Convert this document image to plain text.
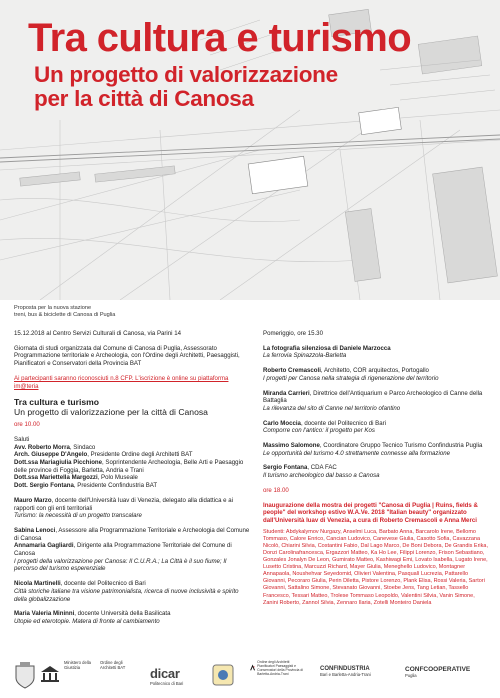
Tra cultura e turismo
Un progetto di valorizzazione
per la città di Canosa
Proposta per la nuova stazione
treni, bus & biciclette di Canosa di Puglia
15.12.2018 al Centro Servizi Culturali di Canosa, via Parini 14
Giornata di studi organizzata dal Comune di Canosa di Puglia, Assessorato Programmazione territoriale e Archeologia, con l'Ordine degli Architetti, Paesaggisti, Pianificatori e Conservatori della Provincia BAT
Ai partecipanti saranno riconosciuti n.8 CFP. L'iscrizione è online su piattaforma im@teria
Tra cultura e turismo
Un progetto di valorizzazione per la città di Canosa
ore 10.00
Saluti
Avv. Roberto Morra, Sindaco
Arch. Giuseppe D'Angelo, Presidente Ordine degli Architetti BAT
Dott.ssa Mariagiulia Picchione, Soprintendente Archeologia, Belle Arti e Paesaggio delle province di Foggia, Barletta, Andria e Trani
Dott.ssa Mariettella Margozzi, Polo Museale
Dott. Sergio Fontana, Presidente Confindustria BAT
Mauro Marzo, docente dell'Università Iuav di Venezia, delegato alla didattica e ai rapporti con gli enti territoriali
Turismo: la necessità di un progetto transcalare
Sabina Lenoci, Assessore alla Programmazione Territoriale e Archeologia del Comune di Canosa
Annamaria Gagliardi, Dirigente alla Programmazione Territoriale del Comune di Canosa
I progetti della valorizzazione per Canosa: Il C.U.R.A.; La Città è il suo fiume; Il percorso del turismo esperenziale
Nicola Martinelli, docente del Politecnico di Bari
Città storiche italiane tra visione patrimonialista, ricerca di nuove inclusività e spirito della globalizzazione
Maria Valeria Mininni, docente Università della Basilicata
Utopie ed eterotopie. Matera di fronte al cambiamento
Pomeriggio, ore 15.30
La fotografia silenziosa di Daniele Marzocca
La ferrovia Spinazzola-Barletta
Roberto Cremascoli, Architetto, COR arquitectos, Portogallo
I progetti per Canosa nella strategia di rigenerazione del territorio
Miranda Carrieri, Direttrice dell'Antiquarium e Parco Archeologico di Canne della Battaglia
La rilevanza del sito di Canne nel territorio ofantino
Carlo Moccia, docente del Politecnico di Bari
Comporre con l'antico: il progetto per Kos
Massimo Salomone, Coordinatore Gruppo Tecnico Turismo Confindustria Puglia
Le opportunità del turismo 4.0 strettamente connesse alla formazione
Sergio Fontana, CDA FAC
Il turismo archeologico dal basso a Canosa
ore 18.00
Inaugurazione della mostra dei progetti "Canosa di Puglia | Ruins, fields & people" del workshop estivo W.A.Ve. 2018 "Italian beauty" organizzato dall'Università Iuav di Venezia, a cura di Roberto Cremascoli e Anna Merci
Studenti: Abdykalymov Nurgazy, Anselmi Luca, Barbato Anna, Barcarolo Irene, Bellomo Tommaso, Calore Enrico, Cancian Ludovico, Canevese Giulia, Casotto Sofia, Cavazzana Nicolò, Chiarini Silvia, Costantini Fabio, Dal Lago Marco, De Boni Debora, De Grandis Erika, Donzi Carolinafrancesca, Ergazzori Matteo, Ka Ho Lee, Filippi Lorenzo, Frison Sebastiano, Gonzales Jonalyn De Leon, Gumirato Matteo, Kashiwagi Emi, Lovato Isabella, Lugato Irene, Lusetto Cristina, Marcuzzi Richard, Mayer Giulia, Meneghello Ludovico, Montagner Annapaola, Noushehvar Seyedomid, Olivieri Valentina, Pasqualì Lucrezia, Pattarello Giovanni, Pecoraro Giulia, Perin Diletta, Pistore Lorenzo, Plank Elisa, Rossi Valeria, Sartori Giovanni, Sattalino Simone, Stevanato Giovanni, Stoebe Jens, Tang Letian, Tassello Francesco, Tessari Matteo, Trolese Tommaso Leopoldo, Valentini Silvia, Vanin Simone, Zanini Roberto, Zannol Silvia, Zennaro Ilaria, Zotelli Monteiro Daniela
Ministero della Giustizia
Ordine degli Architetti BAT	dicar
Politecnico di Bari
Ordine degli Architetti Pianificatori Paesaggisti e Conservatori della Provincia di Barletta-Andria-Trani
CONFINDUSTRIA
Bari e Barletta-Andria-Trani
CONFCOOPERATIVE
Puglia
